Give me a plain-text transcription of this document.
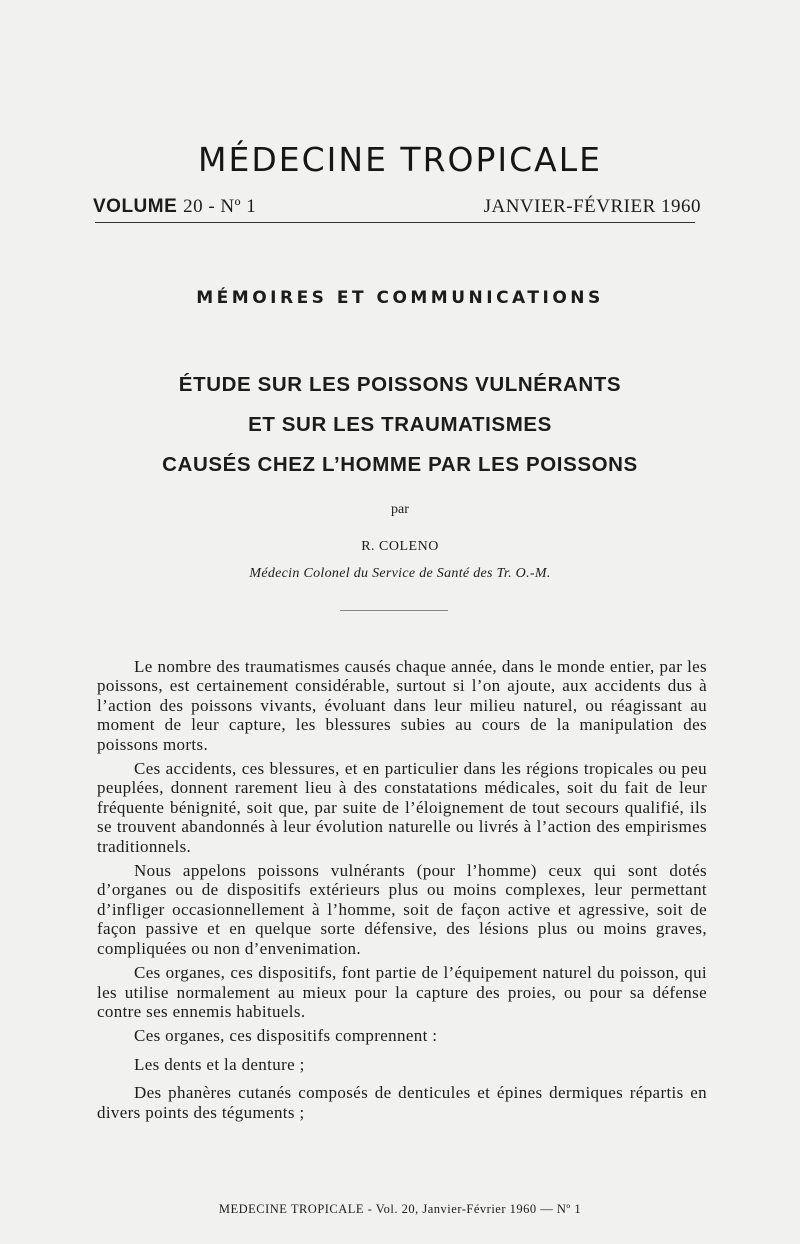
MÉDECINE TROPICALE
VOLUME 20 - Nº 1	JANVIER-FÉVRIER 1960
MÉMOIRES ET COMMUNICATIONS
ÉTUDE SUR LES POISSONS VULNÉRANTS
ET SUR LES TRAUMATISMES
CAUSÉS CHEZ L’HOMME PAR LES POISSONS
par
R. COLENO
Médecin Colonel du Service de Santé des Tr. O.-M.

Le nombre des traumatismes causés chaque année, dans le monde entier, par les poissons, est certainement considérable, surtout si l’on ajoute, aux accidents dus à l’action des poissons vivants, évoluant dans leur milieu naturel, ou réagissant au moment de leur capture, les blessures subies au cours de la manipulation des poissons morts.

Ces accidents, ces blessures, et en particulier dans les régions tropicales ou peu peuplées, donnent rarement lieu à des constatations médicales, soit du fait de leur fréquente bénignité, soit que, par suite de l’éloignement de tout secours qualifié, ils se trouvent abandonnés à leur évolution naturelle ou livrés à l’action des empirismes traditionnels.

Nous appelons poissons vulnérants (pour l’homme) ceux qui sont dotés d’organes ou de dispositifs extérieurs plus ou moins complexes, leur permettant d’infliger occasionnellement à l’homme, soit de façon active et agressive, soit de façon passive et en quelque sorte défensive, des lésions plus ou moins graves, compliquées ou non d’envenimation.

Ces organes, ces dispositifs, font partie de l’équipement naturel du poisson, qui les utilise normalement au mieux pour la capture des proies, ou pour sa défense contre ses ennemis habituels.

Ces organes, ces dispositifs comprennent :

Les dents et la denture ;

Des phanères cutanés composés de denticules et épines dermiques répartis en divers points des téguments ;

MEDECINE TROPICALE - Vol. 20, Janvier-Février 1960 — Nº 1
